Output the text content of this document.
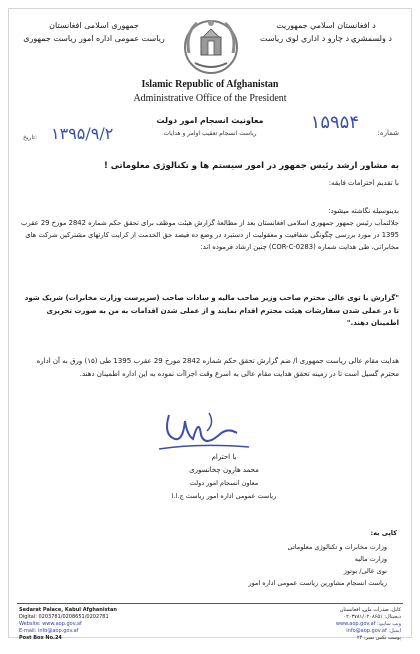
جمهوری اسلامی افغانستان
ریاست عمومی اداره امور ریاست جمهوری
د افغانستان اسلامي جمهوریت
د ولسمشرۍ د چارو د اداري لوی ریاست
Islamic Republic of Afghanistan
Administrative Office of the President
۱۵۹۵۴	شماره:
معاونیت انسجام امور دولت
ریاست انسجام تعقیب اوامر و هدایات
۱۳۹۵/۹/۲
تاریخ:
به مشاور ارشد رئیس جمهور در امور سیستم ها و تکنالوژی معلوماتی !
با تقدیم احترامات فایقه:

بدینوسیله نگاشته میشود:

جلالتمآب رئیس جمهور جمهوری اسلامی افغانستان بعد از مطالعهٔ گزارش هیئت موظف برای تحقق حکم شماره 2842 مورخ 29 عقرب 1395 در مورد بررسی چگونگی شفافیت و معقولیت از دستبرد در وضع ده فیصد حق الخدمت از کرایت کارتهای مشترکین شرکت های مخابراتی، طی هدایت شماره (COR-C-0283) چنین ارشاد فرموده اند:

"گزارش با توی عالی محترم صاحب وزیر صاحب مالیه و سادات صاحب (سرپرست وزارت مخابرات) شریک شود تا در عملی شدن سفارشات هیئت محترم اقدام نمایند و از عملی شدن اقدامات به من به صورت تحریری اطمینان دهند."
هدایت مقام عالی ریاست جمهوری ا/ ضم گزارش تحقق حکم شماره 2842 مورخ 29 عقرب 1395 طی (۱۵) ورق به آن اداره محترم گسیل است تا در زمینه تحقق هدایت مقام عالی به اسرع وقت اجراآت نموده به این اداره اطمینان دهند.
با احترام
محمد هارون چخانسوری
معاون انسجام امور دولت
ریاست عمومی اداره امور ریاست ج.ا.ا
کاپی به:
وزارت مخابرات و تکنالوژی معلوماتی
وزارت مالیه
نوی عالی/ بوتوز
ریاست انسجام مشاورین ریاست عمومی اداره امور
Sedarat Palace, Kabul Afghanistan
Digital: 0203781/0208651/0202781
Website: www.aop.gov.af
E-mail: info@aop.gov.af
Post Box No.24
کابل، صدرات ماڼۍ، افغانستان
دیجیتال: ۰۲۰۳۷۸۱/۰۲۰۸۶۵۱
ویب سایټ: www.aop.gov.af
ایمیل: info@aop.gov.af
پوست بکس نمبر: ۲۴
